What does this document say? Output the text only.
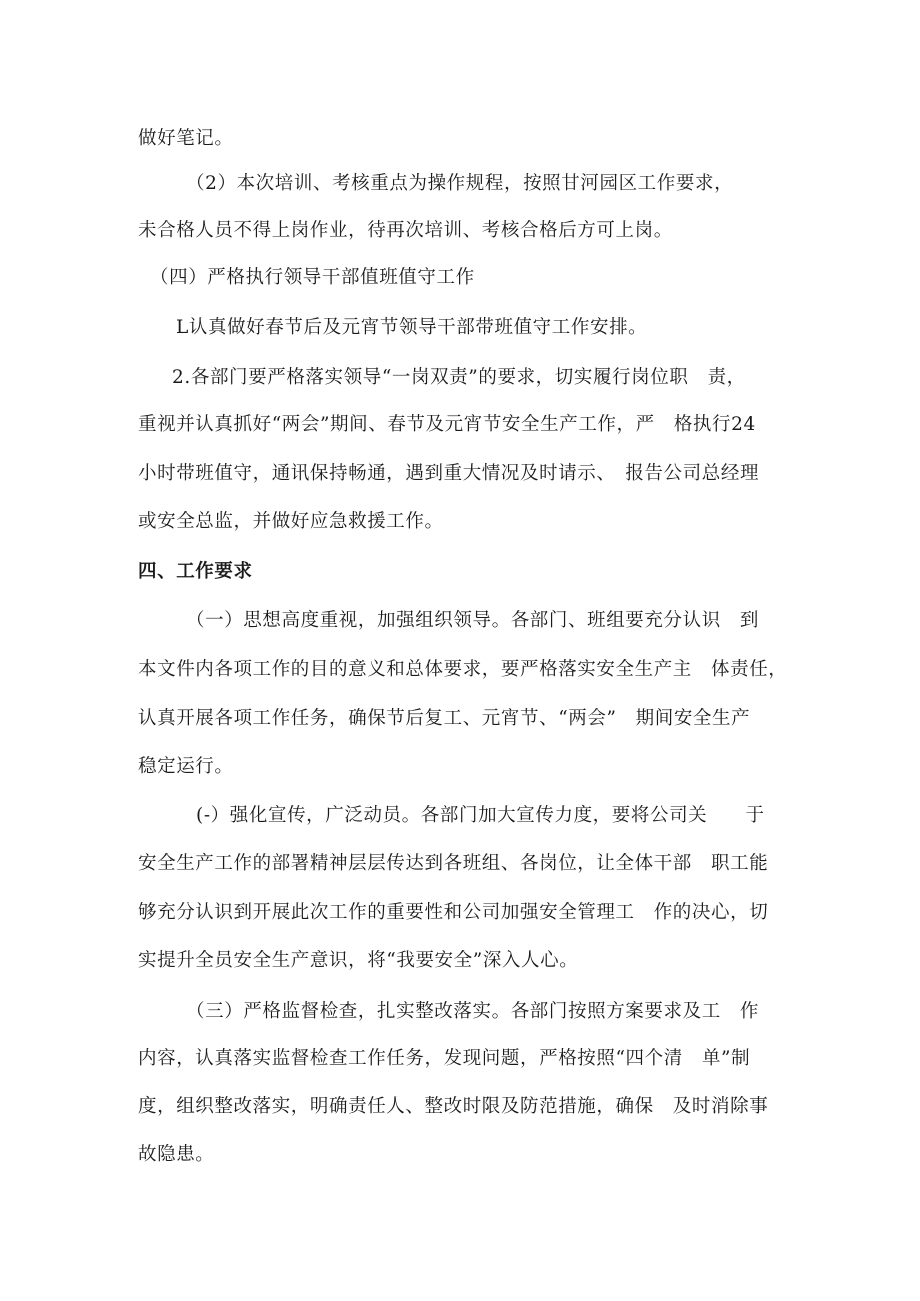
做好笔记。
（2）本次培训、考核重点为操作规程，按照甘河园区工作要求，
未合格人员不得上岗作业，待再次培训、考核合格后方可上岗。
（四）严格执行领导干部值班值守工作
L认真做好春节后及元宵节领导干部带班值守工作安排。
2.各部门要严格落实领导“一岗双责”的要求，切实履行岗位职　责，
重视并认真抓好“两会”期间、春节及元宵节安全生产工作，严　格执行24
小时带班值守，通讯保持畅通，遇到重大情况及时请示、　报告公司总经理
或安全总监，并做好应急救援工作。
四、工作要求
（一）思想高度重视，加强组织领导。各部门、班组要充分认识　到
本文件内各项工作的目的意义和总体要求，要严格落实安全生产主　体责任，
认真开展各项工作任务，确保节后复工、元宵节、“两会”　期间安全生产
稳定运行。
(-）强化宣传，广泛动员。各部门加大宣传力度，要将公司关　　于
安全生产工作的部署精神层层传达到各班组、各岗位，让全体干部　职工能
够充分认识到开展此次工作的重要性和公司加强安全管理工　作的决心，切
实提升全员安全生产意识，将“我要安全”深入人心。
（三）严格监督检查，扎实整改落实。各部门按照方案要求及工　作
内容，认真落实监督检查工作任务，发现问题，严格按照“四个清　单”制
度，组织整改落实，明确责任人、整改时限及防范措施，确保　及时消除事
故隐患。
